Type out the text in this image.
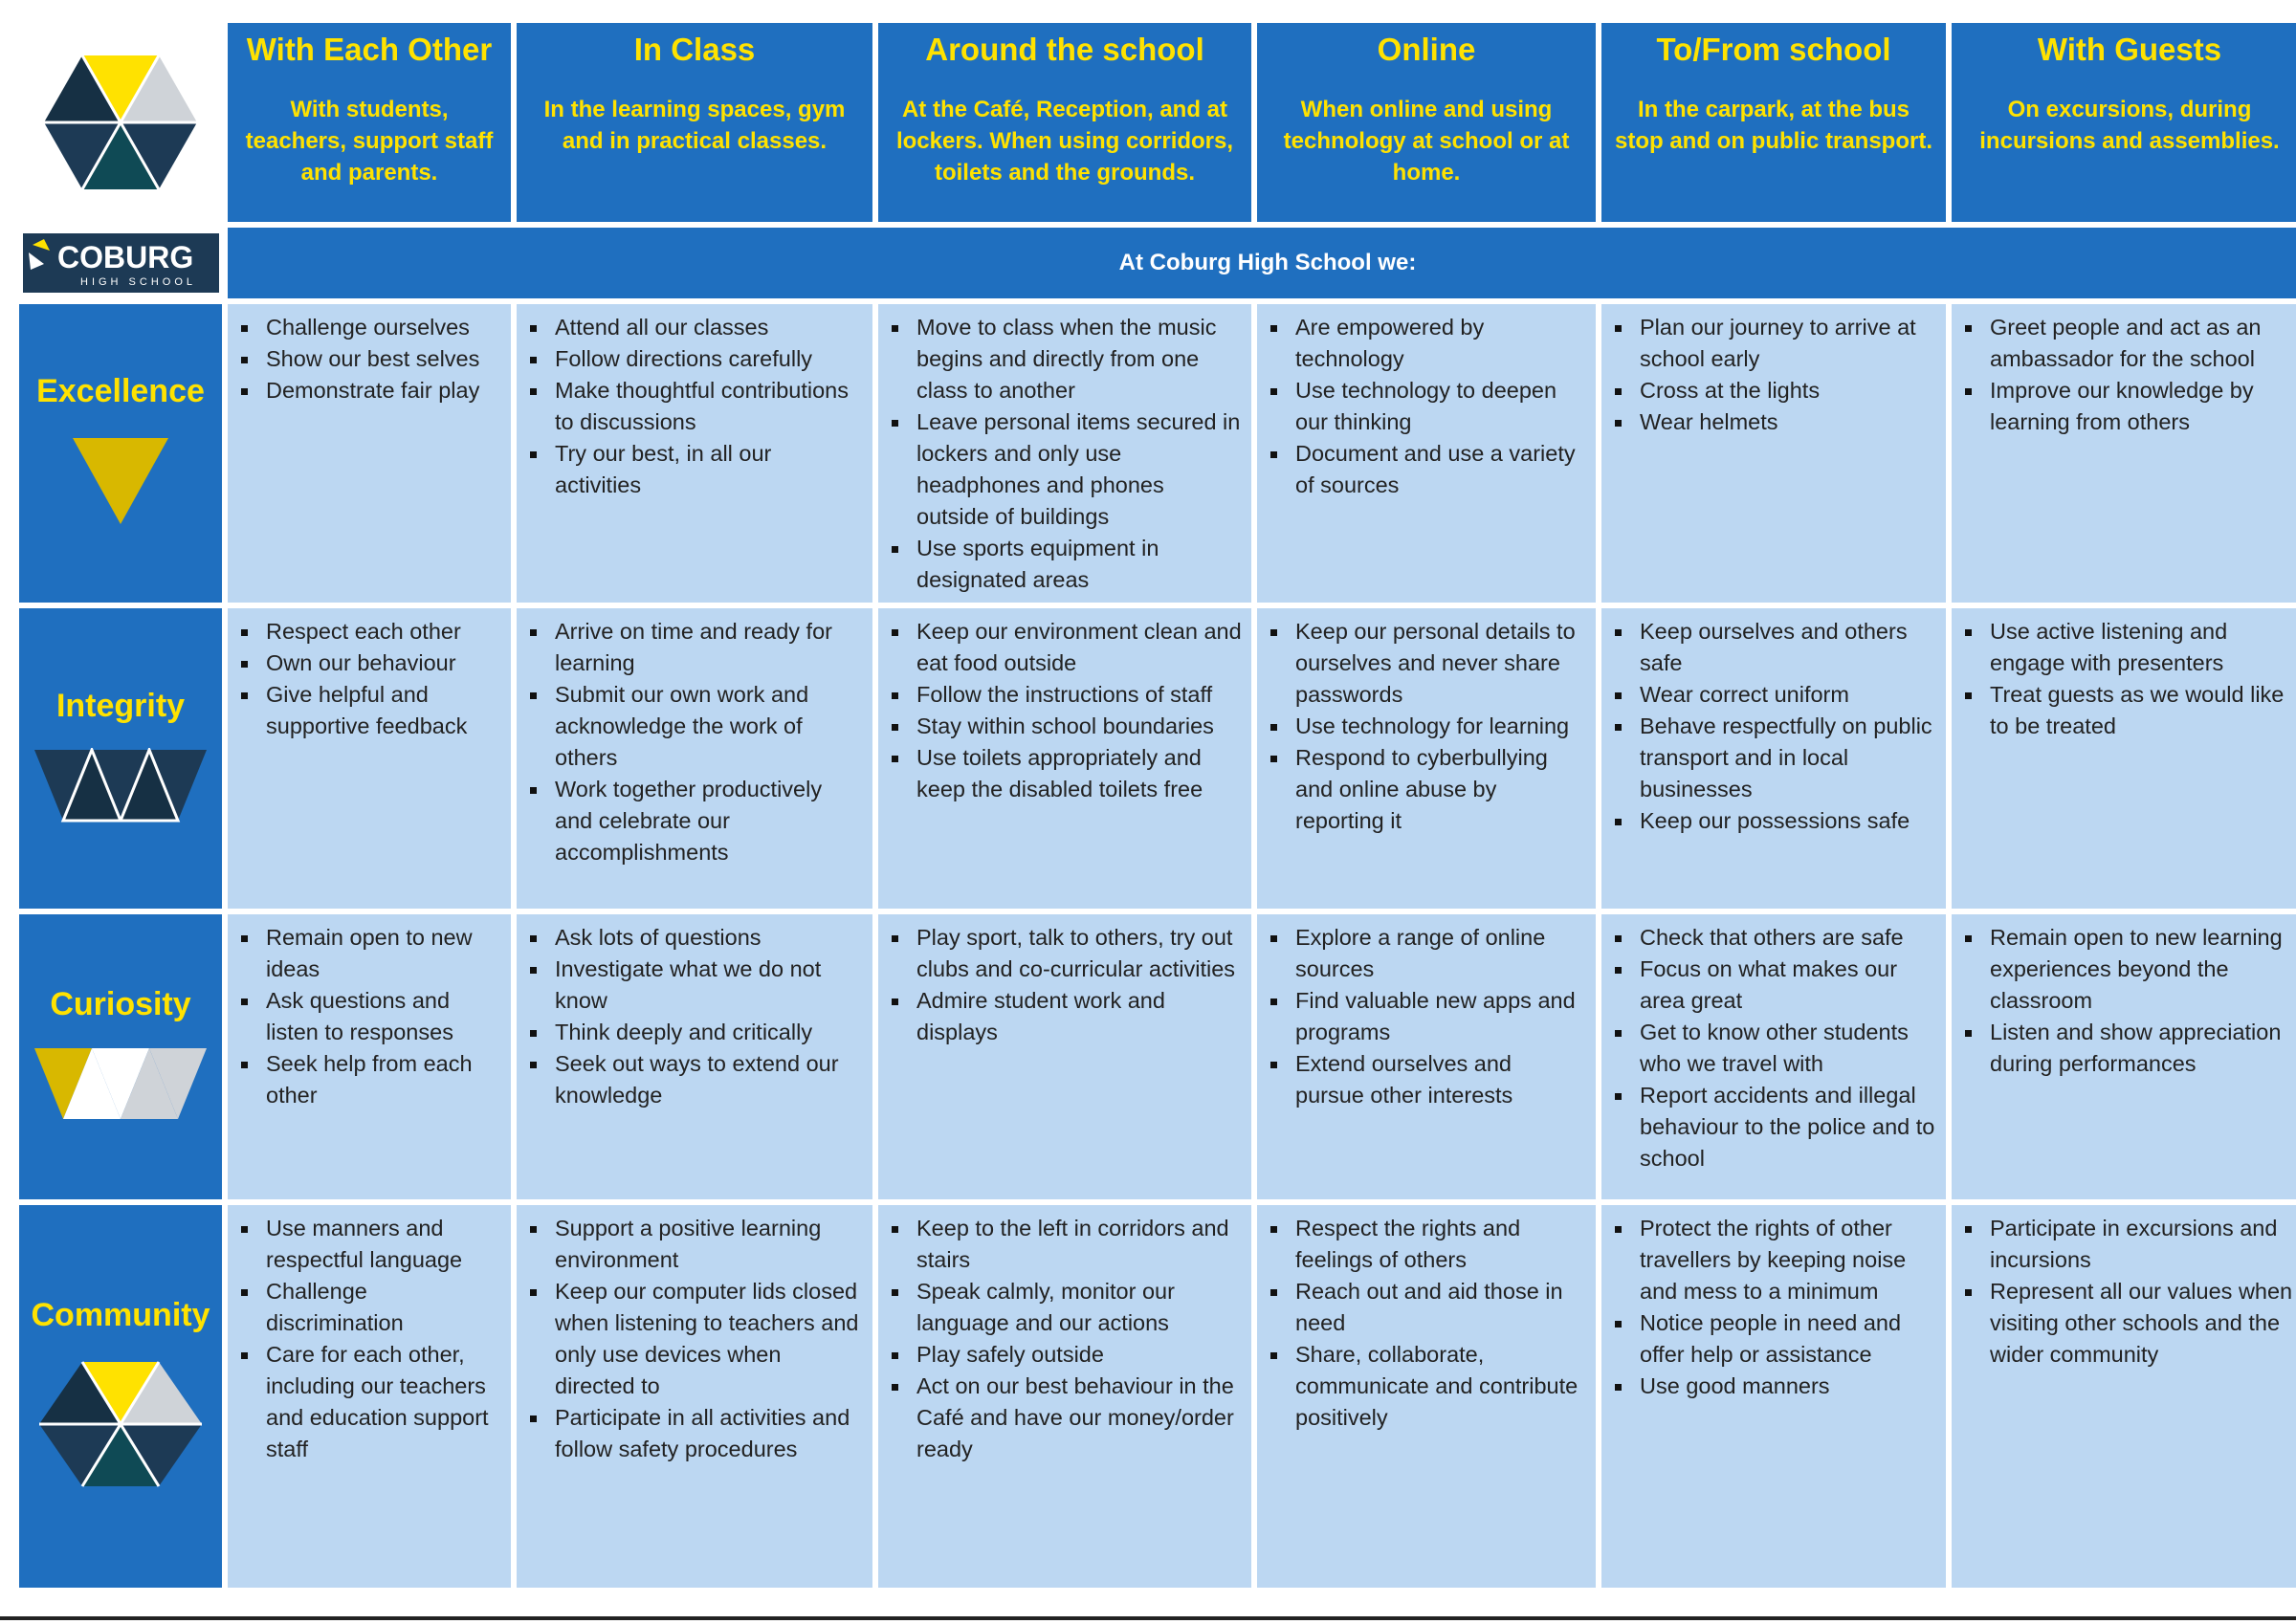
With Each Other
With students, teachers, support staff and parents.
In Class
In the learning spaces, gym and in practical classes.
Around the school
At the Café, Reception, and at lockers. When using corridors, toilets and the grounds.
Online
When online and using technology at school or at home.
To/From school
In the carpark, at the bus stop and on public transport.
With Guests
On excursions, during incursions and assemblies.
COBURG
HIGH SCHOOL
At Coburg High School we:
Excellence
Challenge ourselves
Show our best selves
Demonstrate fair play
Attend all our classes
Follow directions carefully
Make thoughtful contributions to discussions
Try our best, in all our activities
Move to class when the music begins and directly from one class to another
Leave personal items secured in lockers and only use headphones and phones outside of buildings
Use sports equipment in designated areas
Are empowered by technology
Use technology to deepen our thinking
Document and use a variety of sources
Plan our journey to arrive at school early
Cross at the lights
Wear helmets
Greet people and act as an ambassador for the school
Improve our knowledge by learning from others
Integrity
Respect each other
Own our behaviour
Give helpful and supportive feedback
Arrive on time and ready for learning
Submit our own work and acknowledge the work of others
Work together productively and celebrate our accomplishments
Keep our environment clean and eat food outside
Follow the instructions of staff
Stay within school boundaries
Use toilets appropriately and keep the disabled toilets free
Keep our personal details to ourselves and never share passwords
Use technology for learning
Respond to cyberbullying and online abuse by reporting it
Keep ourselves and others safe
Wear correct uniform
Behave respectfully on public transport and in local businesses
Keep our possessions safe
Use active listening and engage with presenters
Treat guests as we would like to be treated
Curiosity
Remain open to new ideas
Ask questions and listen to responses
Seek help from each other
Ask lots of questions
Investigate what we do not know
Think deeply and critically
Seek out ways to extend our knowledge
Play sport, talk to others, try out clubs and co-curricular activities
Admire student work and displays
Explore a range of online sources
Find valuable new apps and programs
Extend ourselves and pursue other interests
Check that others are safe
Focus on what makes our area great
Get to know other students who we travel with
Report accidents and illegal behaviour to the police and to school
Remain open to new learning experiences beyond the classroom
Listen and show appreciation during performances
Community
Use manners and respectful language
Challenge discrimination
Care for each other, including our teachers and education support staff
Support a positive learning environment
Keep our computer lids closed when listening to teachers and only use devices when directed to
Participate in all activities and follow safety procedures
Keep to the left in corridors and stairs
Speak calmly, monitor our language and our actions
Play safely outside
Act on our best behaviour in the Café and have our money/order ready
Respect the rights and feelings of others
Reach out and aid those in need
Share, collaborate, communicate and contribute positively
Protect the rights of other travellers by keeping noise and mess to a minimum
Notice people in need and offer help or assistance
Use good manners
Participate in excursions and incursions
Represent all our values when visiting other schools and the wider community
